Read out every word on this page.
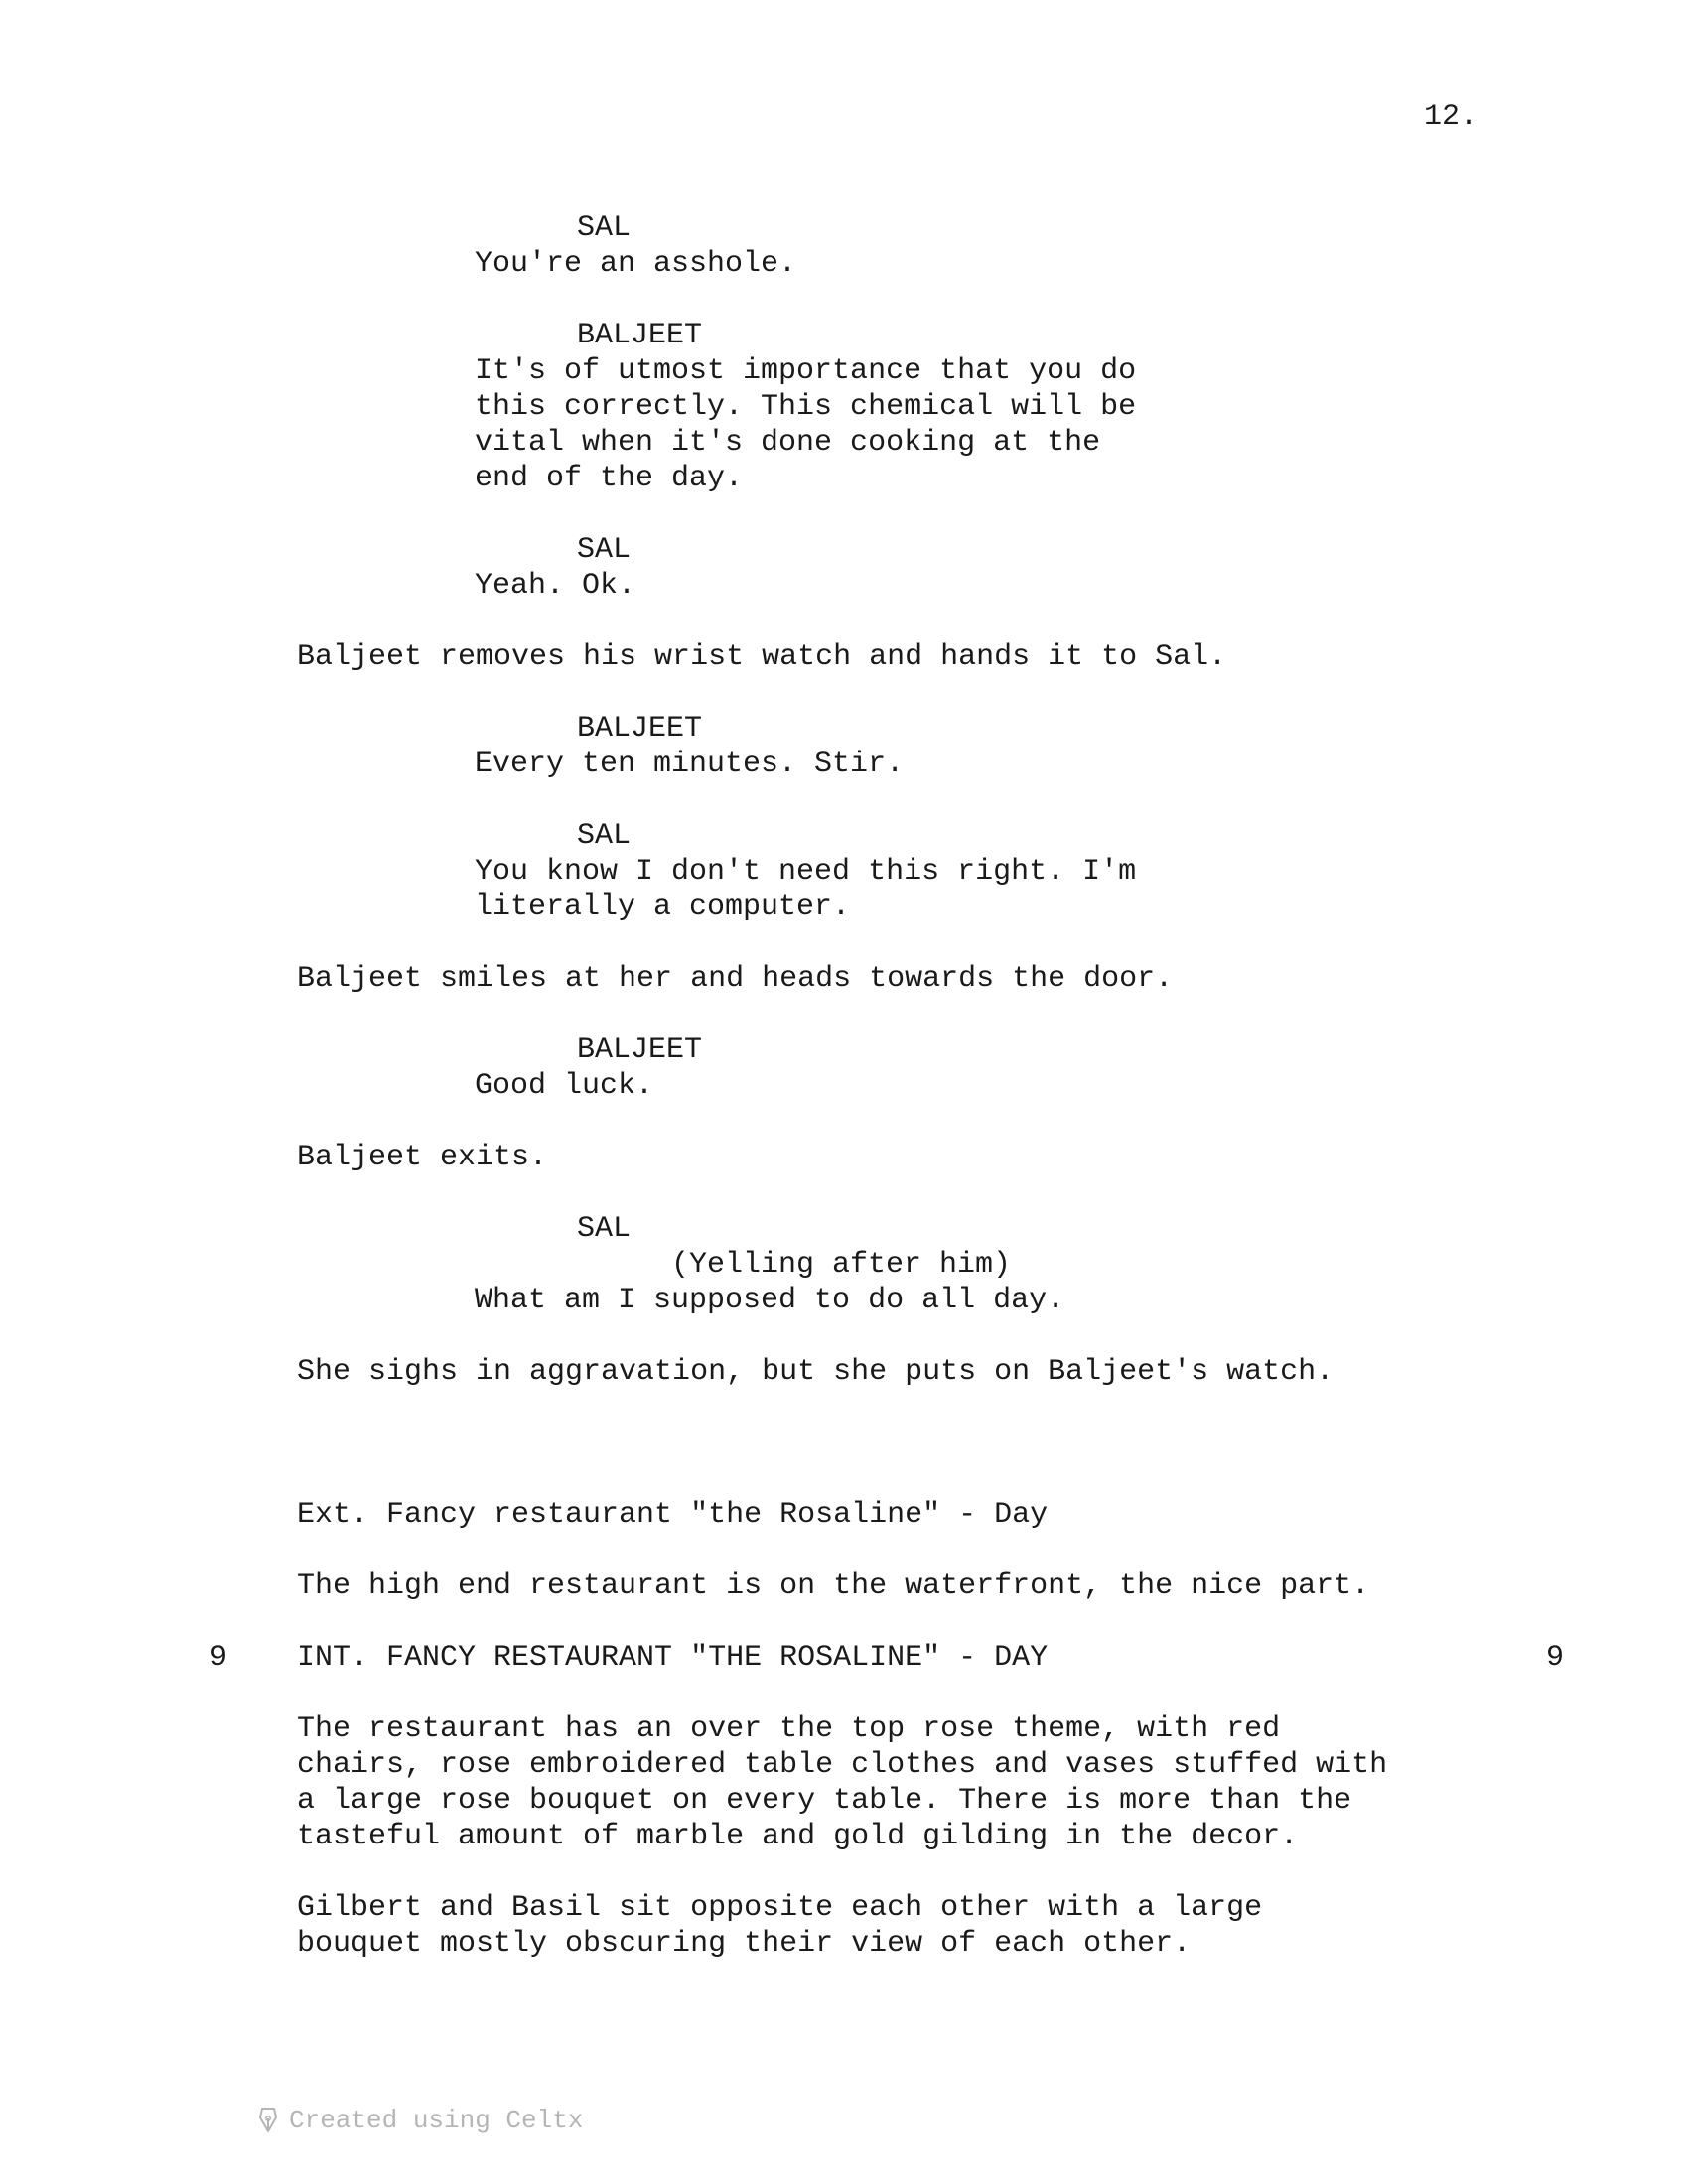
12.
SAL
You're an asshole.
BALJEET
It's of utmost importance that you do
this correctly. This chemical will be
vital when it's done cooking at the
end of the day.
SAL
Yeah. Ok.
Baljeet removes his wrist watch and hands it to Sal.
BALJEET
Every ten minutes. Stir.
SAL
You know I don't need this right. I'm
literally a computer.
Baljeet smiles at her and heads towards the door.
BALJEET
Good luck.
Baljeet exits.
SAL
(Yelling after him)
What am I supposed to do all day.
She sighs in aggravation, but she puts on Baljeet's watch.
Ext. Fancy restaurant "the Rosaline" - Day
The high end restaurant is on the waterfront, the nice part.
9 INT. FANCY RESTAURANT "THE ROSALINE" - DAY	9
The restaurant has an over the top rose theme, with red
chairs, rose embroidered table clothes and vases stuffed with
a large rose bouquet on every table. There is more than the
tasteful amount of marble and gold gilding in the decor.
Gilbert and Basil sit opposite each other with a large
bouquet mostly obscuring their view of each other.
Created using Celtx
